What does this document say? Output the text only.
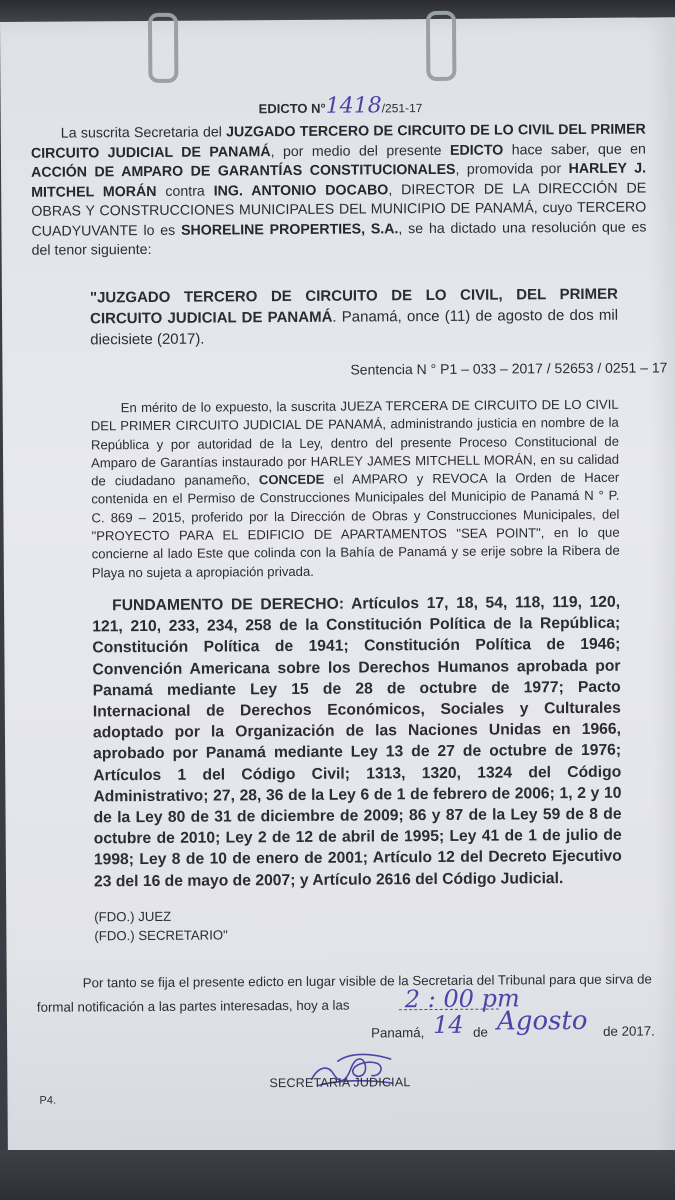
EDICTO N°1418/251-17
La suscrita Secretaria del JUZGADO TERCERO DE CIRCUITO DE LO CIVIL DEL PRIMER CIRCUITO JUDICIAL DE PANAMÁ, por medio del presente EDICTO hace saber, que en ACCIÓN DE AMPARO DE GARANTÍAS CONSTITUCIONALES, promovida por HARLEY J. MITCHEL MORÁN contra ING. ANTONIO DOCABO, DIRECTOR DE LA DIRECCIÓN DE OBRAS Y CONSTRUCCIONES MUNICIPALES DEL MUNICIPIO DE PANAMÁ, cuyo TERCERO CUADYUVANTE lo es SHORELINE PROPERTIES, S.A., se ha dictado una resolución que es del tenor siguiente:
"JUZGADO TERCERO DE CIRCUITO DE LO CIVIL, DEL PRIMER CIRCUITO JUDICIAL DE PANAMÁ. Panamá, once (11) de agosto de dos mil diecisiete (2017).
Sentencia N ° P1 – 033 – 2017 / 52653 / 0251 – 17
En mérito de lo expuesto, la suscrita JUEZA TERCERA DE CIRCUITO DE LO CIVIL DEL PRIMER CIRCUITO JUDICIAL DE PANAMÁ, administrando justicia en nombre de la República y por autoridad de la Ley, dentro del presente Proceso Constitucional de Amparo de Garantías instaurado por HARLEY JAMES MITCHELL MORÁN, en su calidad de ciudadano panameño, CONCEDE el AMPARO y REVOCA la Orden de Hacer contenida en el Permiso de Construcciones Municipales del Municipio de Panamá N ° P. C. 869 – 2015, proferido por la Dirección de Obras y Construcciones Municipales, del "PROYECTO PARA EL EDIFICIO DE APARTAMENTOS "SEA POINT", en lo que concierne al lado Este que colinda con la Bahía de Panamá y se erije sobre la Ribera de Playa no sujeta a apropiación privada.
FUNDAMENTO DE DERECHO: Artículos 17, 18, 54, 118, 119, 120, 121, 210, 233, 234, 258 de la Constitución Política de la República; Constitución Política de 1941; Constitución Política de 1946; Convención Americana sobre los Derechos Humanos aprobada por Panamá mediante Ley 15 de 28 de octubre de 1977; Pacto Internacional de Derechos Económicos, Sociales y Culturales adoptado por la Organización de las Naciones Unidas en 1966, aprobado por Panamá mediante Ley 13 de 27 de octubre de 1976; Artículos 1 del Código Civil; 1313, 1320, 1324 del Código Administrativo; 27, 28, 36 de la Ley 6 de 1 de febrero de 2006; 1, 2 y 10 de la Ley 80 de 31 de diciembre de 2009; 86 y 87 de la Ley 59 de 8 de octubre de 2010; Ley 2 de 12 de abril de 1995; Ley 41 de 1 de julio de 1998; Ley 8 de 10 de enero de 2001; Artículo 12 del Decreto Ejecutivo 23 del 16 de mayo de 2007; y Artículo 2616 del Código Judicial.
(FDO.) JUEZ
(FDO.) SECRETARIO"
Por tanto se fija el presente edicto en lugar visible de la Secretaria del Tribunal para que sirva de formal notificación a las partes interesadas, hoy a las	2 : 00 pm
Panamá, 14 de Agosto de 2017.
SECRETARIA JUDICIAL
P4.
